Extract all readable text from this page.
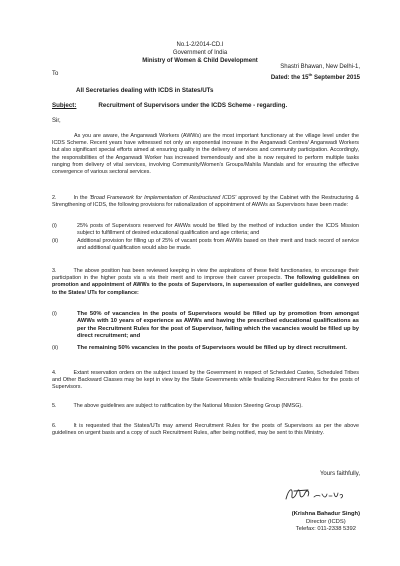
No.1-2/2014-CD.I
Government of India
Ministry of Women & Child Development
Shastri Bhawan, New Delhi-1,
Dated: the 15th September 2015
To
All Secretaries dealing with ICDS in States/UTs
Subject:	Recruitment of Supervisors under the ICDS Scheme - regarding.
Sir,
As you are aware, the Anganwadi Workers (AWWs) are the most important functionary at the village level under the ICDS Scheme. Recent years have witnessed not only an exponential increase in the Anganwadi Centres/ Anganwadi Workers but also significant special efforts aimed at ensuring quality in the delivery of services and community participation. Accordingly, the responsibilities of the Anganwadi Worker has increased tremendously and she is now required to perform multiple tasks ranging from delivery of vital services, involving Community/Women's Groups/Mahila Mandals and for ensuring the effective convergence of various sectoral services.
2.	In the 'Broad Framework for Implementation of Restructured ICDS' approved by the Cabinet with the Restructuring & Strengthening of ICDS, the following provisions for rationalization of appointment of AWWs as Supervisors have been made:
(i)	25% posts of Supervisors reserved for AWWs would be filled by the method of induction under the ICDS Mission subject to fulfillment of desired educational qualification and age criteria; and
(ii)	Additional provision for filling up of 25% of vacant posts from AWWs based on their merit and track record of service and additional qualification would also be made.
3.	The above position has been reviewed keeping in view the aspirations of these field functionaries, to encourage their participation in the higher posts vis a vis their merit and to improve their career prospects. The following guidelines on promotion and appointment of AWWs to the posts of Supervisors, in supersession of earlier guidelines, are conveyed to the States/ UTs for compliance:
(i)	The 50% of vacancies in the posts of Supervisors would be filled up by promotion from amongst AWWs with 10 years of experience as AWWs and having the prescribed educational qualifications as per the Recruitment Rules for the post of Supervisor, failing which the vacancies would be filled up by direct recruitment; and
(ii)	The remaining 50% vacancies in the posts of Supervisors would be filled up by direct recruitment.
4.	Extant reservation orders on the subject issued by the Government in respect of Scheduled Castes, Scheduled Tribes and Other Backward Classes may be kept in view by the State Governments while finalizing Recruitment Rules for the posts of Supervisors.
5.	The above guidelines are subject to ratification by the National Mission Steering Group (NMSG).
6.	It is requested that the States/UTs may amend Recruitment Rules for the posts of Supervisors as per the above guidelines on urgent basis and a copy of such Recruitment Rules, after being notified, may be sent to this Ministry.
Yours faithfully,
(Krishna Bahadur Singh)
Director (ICDS)
Telefax: 011-2338 5392
